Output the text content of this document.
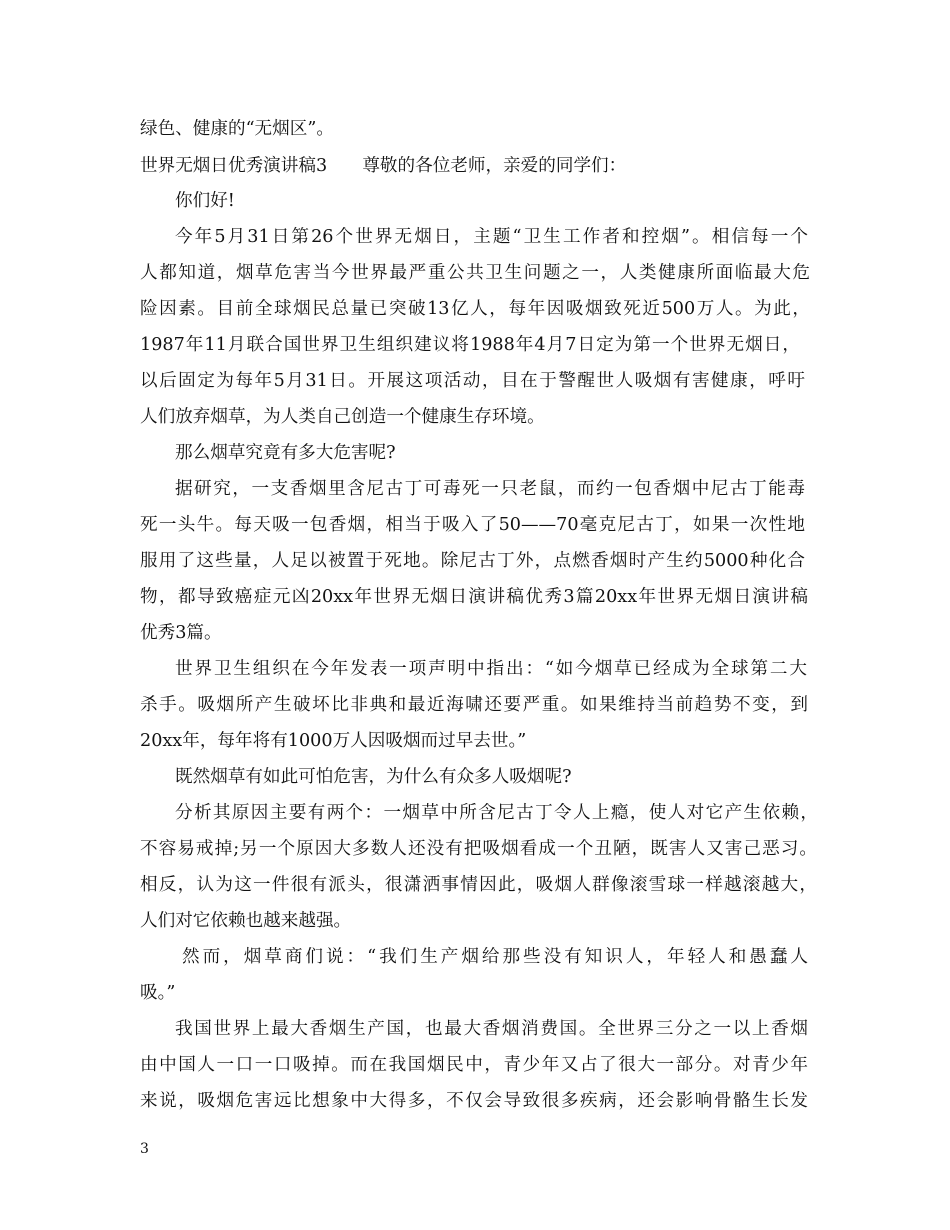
绿色、健康的“无烟区”。
世界无烟日优秀演讲稿3　　尊敬的各位老师，亲爱的同学们：
你们好!
今年5月31日第26个世界无烟日，主题“卫生工作者和控烟”。相信每一个
人都知道，烟草危害当今世界最严重公共卫生问题之一，人类健康所面临最大危
险因素。目前全球烟民总量已突破13亿人，每年因吸烟致死近500万人。为此，
1987年11月联合国世界卫生组织建议将1988年4月7日定为第一个世界无烟日，
以后固定为每年5月31日。开展这项活动，目在于警醒世人吸烟有害健康，呼吁
人们放弃烟草，为人类自己创造一个健康生存环境。
那么烟草究竟有多大危害呢?
据研究，一支香烟里含尼古丁可毒死一只老鼠，而约一包香烟中尼古丁能毒
死一头牛。每天吸一包香烟，相当于吸入了50——70毫克尼古丁，如果一次性地
服用了这些量，人足以被置于死地。除尼古丁外，点燃香烟时产生约5000种化合
物，都导致癌症元凶20xx年世界无烟日演讲稿优秀3篇20xx年世界无烟日演讲稿
优秀3篇。
世界卫生组织在今年发表一项声明中指出：“如今烟草已经成为全球第二大
杀手。吸烟所产生破坏比非典和最近海啸还要严重。如果维持当前趋势不变，到
20xx年，每年将有1000万人因吸烟而过早去世。”
既然烟草有如此可怕危害，为什么有众多人吸烟呢?
分析其原因主要有两个：一烟草中所含尼古丁令人上瘾，使人对它产生依赖，
不容易戒掉;另一个原因大多数人还没有把吸烟看成一个丑陋，既害人又害己恶习。
相反，认为这一件很有派头，很潇洒事情因此，吸烟人群像滚雪球一样越滚越大，
人们对它依赖也越来越强。
然而，烟草商们说：“我们生产烟给那些没有知识人，年轻人和愚蠢人
吸。”
我国世界上最大香烟生产国，也最大香烟消费国。全世界三分之一以上香烟
由中国人一口一口吸掉。而在我国烟民中，青少年又占了很大一部分。对青少年
来说，吸烟危害远比想象中大得多，不仅会导致很多疾病，还会影响骨骼生长发
3
